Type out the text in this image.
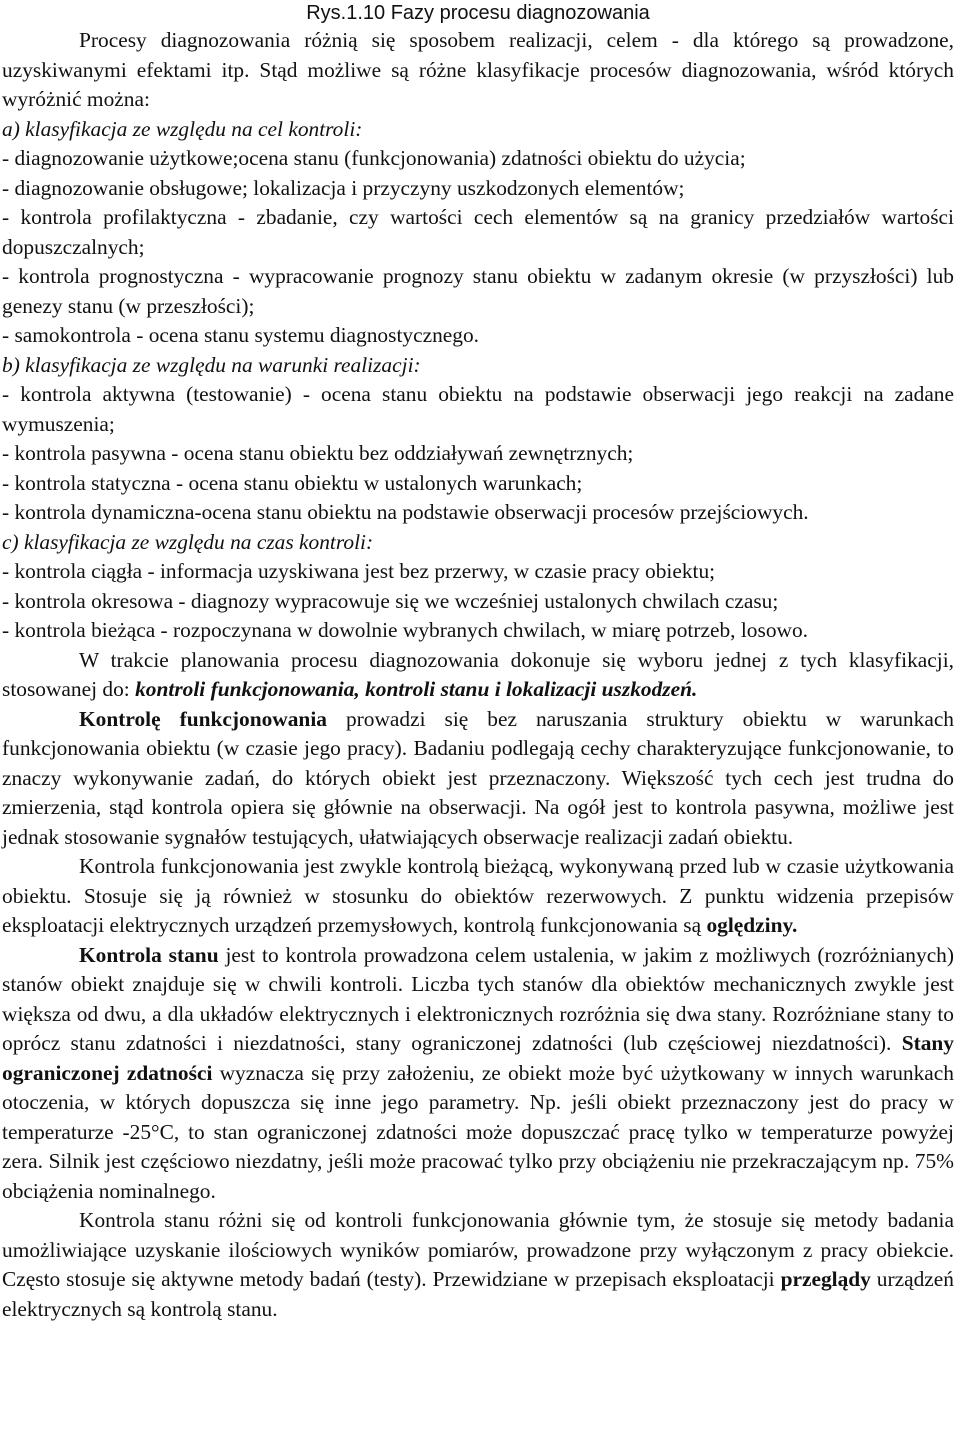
Rys.1.10 Fazy procesu diagnozowania

Procesy diagnozowania różnią się sposobem realizacji, celem - dla którego są prowadzone, uzyskiwanymi efektami itp. Stąd możliwe są różne klasyfikacje procesów diagnozowania, wśród których wyróżnić można:

a) klasyfikacja ze względu na cel kontroli:

- diagnozowanie użytkowe;ocena stanu (funkcjonowania) zdatności obiektu do użycia;

- diagnozowanie obsługowe; lokalizacja i przyczyny uszkodzonych elementów;

- kontrola profilaktyczna - zbadanie, czy wartości cech elementów są na granicy przedziałów wartości dopuszczalnych;

- kontrola prognostyczna - wypracowanie prognozy stanu obiektu w zadanym okresie (w przyszłości) lub genezy stanu (w przeszłości);

- samokontrola - ocena stanu systemu diagnostycznego.

b) klasyfikacja ze względu na warunki realizacji:

- kontrola aktywna (testowanie) - ocena stanu obiektu na podstawie obserwacji jego reakcji na zadane wymuszenia;

- kontrola pasywna - ocena stanu obiektu bez oddziaływań zewnętrznych;

- kontrola statyczna - ocena stanu obiektu w ustalonych warunkach;

- kontrola dynamiczna-ocena stanu obiektu na podstawie obserwacji procesów przejściowych.

c) klasyfikacja ze względu na czas kontroli:

- kontrola ciągła - informacja uzyskiwana jest bez przerwy, w czasie pracy obiektu;

- kontrola okresowa - diagnozy wypracowuje się we wcześniej ustalonych chwilach czasu;

- kontrola bieżąca - rozpoczynana w dowolnie wybranych chwilach, w miarę potrzeb, losowo.

W trakcie planowania procesu diagnozowania dokonuje się wyboru jednej z tych klasyfikacji, stosowanej do: kontroli funkcjonowania, kontroli stanu i lokalizacji uszkodzeń.

Kontrolę funkcjonowania prowadzi się bez naruszania struktury obiektu w warunkach funkcjonowania obiektu (w czasie jego pracy). Badaniu podlegają cechy charakteryzujące funkcjonowanie, to znaczy wykonywanie zadań, do których obiekt jest przeznaczony. Większość tych cech jest trudna do zmierzenia, stąd kontrola opiera się głównie na obserwacji. Na ogół jest to kontrola pasywna, możliwe jest jednak stosowanie sygnałów testujących, ułatwiających obserwacje realizacji zadań obiektu.

Kontrola funkcjonowania jest zwykle kontrolą bieżącą, wykonywaną przed lub w czasie użytkowania obiektu. Stosuje się ją również w stosunku do obiektów rezerwowych. Z punktu widzenia przepisów eksploatacji elektrycznych urządzeń przemysłowych, kontrolą funkcjonowania są oględziny.

Kontrola stanu jest to kontrola prowadzona celem ustalenia, w jakim z możliwych (rozróżnianych) stanów obiekt znajduje się w chwili kontroli. Liczba tych stanów dla obiektów mechanicznych zwykle jest większa od dwu, a dla układów elektrycznych i elektronicznych rozróżnia się dwa stany. Rozróżniane stany to oprócz stanu zdatności i niezdatności, stany ograniczonej zdatności (lub częściowej niezdatności). Stany ograniczonej zdatności wyznacza się przy założeniu, ze obiekt może być użytkowany w innych warunkach otoczenia, w których dopuszcza się inne jego parametry. Np. jeśli obiekt przeznaczony jest do pracy w temperaturze -25°C, to stan ograniczonej zdatności może dopuszczać pracę tylko w temperaturze powyżej zera. Silnik jest częściowo niezdatny, jeśli może pracować tylko przy obciążeniu nie przekraczającym np. 75% obciążenia nominalnego.

Kontrola stanu różni się od kontroli funkcjonowania głównie tym, że stosuje się metody badania umożliwiające uzyskanie ilościowych wyników pomiarów, prowadzone przy wyłączonym z pracy obiekcie. Często stosuje się aktywne metody badań (testy). Przewidziane w przepisach eksploatacji przeglądy urządzeń elektrycznych są kontrolą stanu.
